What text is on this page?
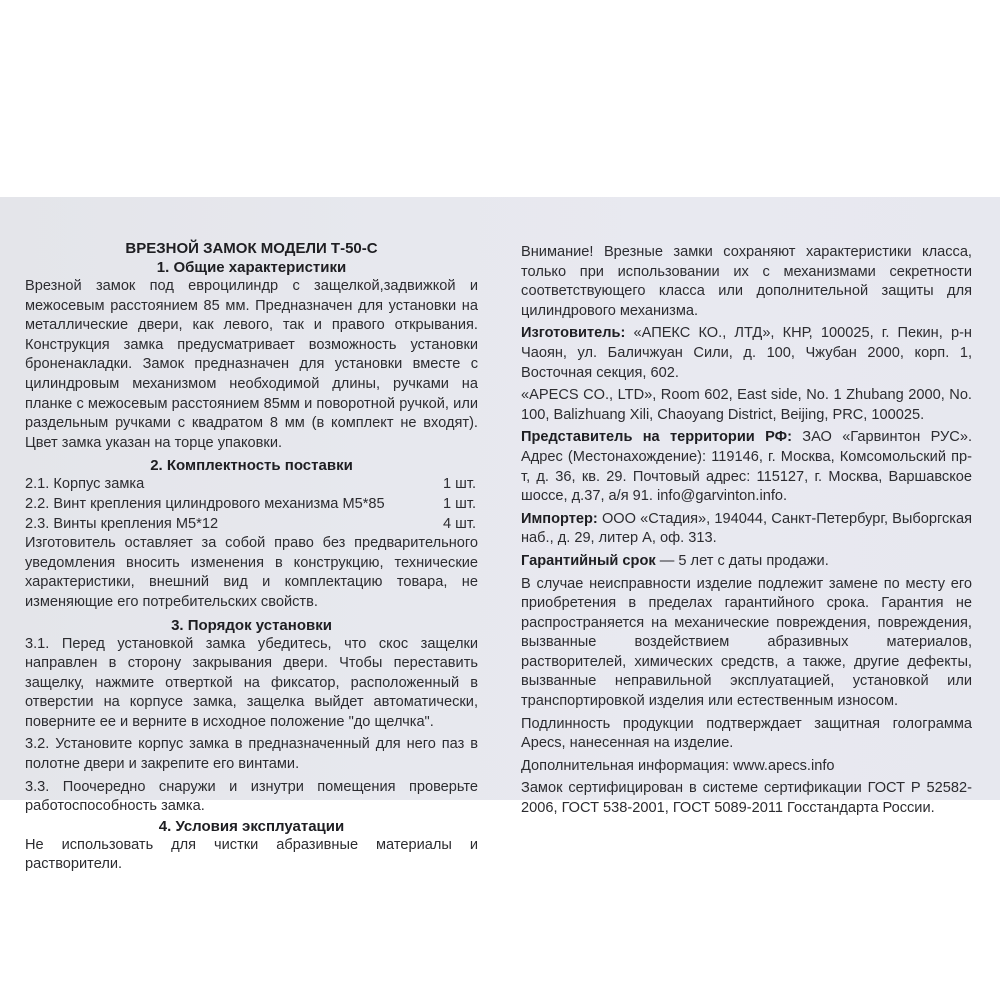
ВРЕЗНОЙ ЗАМОК МОДЕЛИ Т-50-С

1. Общие характеристики

Врезной замок под евроцилиндр с защелкой,задвижкой и межосевым расстоянием 85 мм. Предназначен для установки на металлические двери, как левого, так и правого открывания. Конструкция замка предусматривает возможность установки броненакладки. Замок предназначен для установки вместе с цилиндровым механизмом необходимой длины, ручками на планке с межосевым расстоянием 85мм и поворотной ручкой, или раздельным ручками с квадратом 8 мм (в комплект не входят). Цвет замка указан на торце упаковки.

2. Комплектность поставки

2.1. Корпус замка	1 шт.
2.2. Винт крепления цилиндрового механизма М5*85	1 шт.
2.3. Винты крепления М5*12	4 шт.

Изготовитель оставляет за собой право без предварительного уведомления вносить изменения в конструкцию, технические характеристики, внешний вид и комплектацию товара, не изменяющие его потребительских свойств.

3. Порядок установки

3.1. Перед установкой замка убедитесь, что скос защелки направлен в сторону закрывания двери. Чтобы переставить защелку, нажмите отверткой на фиксатор, расположенный в отверстии на корпусе замка, защелка выйдет автоматически, поверните ее и верните в исходное положение "до щелчка".

3.2. Установите корпус замка в предназначенный для него паз в полотне двери и закрепите его винтами.

3.3. Поочередно снаружи и изнутри помещения проверьте работоспособность замка.

4. Условия эксплуатации

Не использовать для чистки абразивные материалы и растворители.

Внимание! Врезные замки сохраняют характеристики класса, только при использовании их с механизмами секретности соответствующего класса или дополнительной защиты для цилиндрового механизма.

Изготовитель: «АПЕКС КО., ЛТД», КНР, 100025, г. Пекин, р-н Чаоян, ул. Баличжуан Сили, д. 100, Чжубан 2000, корп. 1, Восточная секция, 602.

«APECS CO., LTD», Room 602, East side, No. 1 Zhubang 2000, No. 100, Balizhuang Xili, Chaoyang District, Beijing, PRC, 100025.

Представитель на территории РФ: ЗАО «Гарвинтон РУС». Адрес (Местонахождение): 119146, г. Москва, Комсомольский пр-т, д. 36, кв. 29. Почтовый адрес: 115127, г. Москва, Варшавское шоссе, д.37, а/я 91. info@garvinton.info.

Импортер: ООО «Стадия», 194044, Санкт-Петербург, Выборгская наб., д. 29, литер А, оф. 313.

Гарантийный срок — 5 лет с даты продажи.

В случае неисправности изделие подлежит замене по месту его приобретения в пределах гарантийного срока. Гарантия не распространяется на механические повреждения, повреждения, вызванные воздействием абразивных материалов, растворителей, химических средств, а также, другие дефекты, вызванные неправильной эксплуатацией, установкой или транспортировкой изделия или естественным износом.

Подлинность продукции подтверждает защитная голограмма Apecs, нанесенная на изделие.

Дополнительная информация: www.apecs.info

Замок сертифицирован в системе сертификации ГОСТ Р 52582-2006, ГОСТ 538-2001, ГОСТ 5089-2011 Госстандарта России.
